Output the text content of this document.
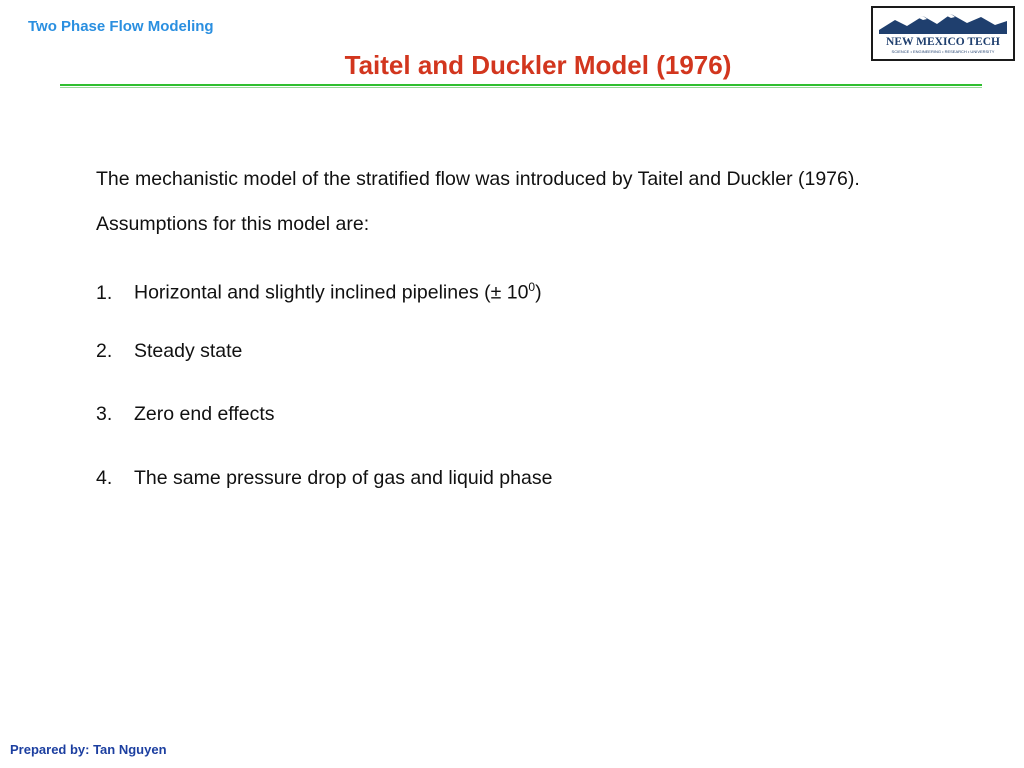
Two Phase Flow Modeling
Taitel and Duckler Model (1976)
NEW MEXICO TECH
SCIENCE • ENGINEERING • RESEARCH • UNIVERSITY
The mechanistic model of the stratified flow was introduced by Taitel and Duckler (1976). Assumptions for this model are:
1. Horizontal and slightly inclined pipelines (± $10^0$)
2. Steady state
3. Zero end effects
4. The same pressure drop of gas and liquid phase
Prepared by: Tan Nguyen
